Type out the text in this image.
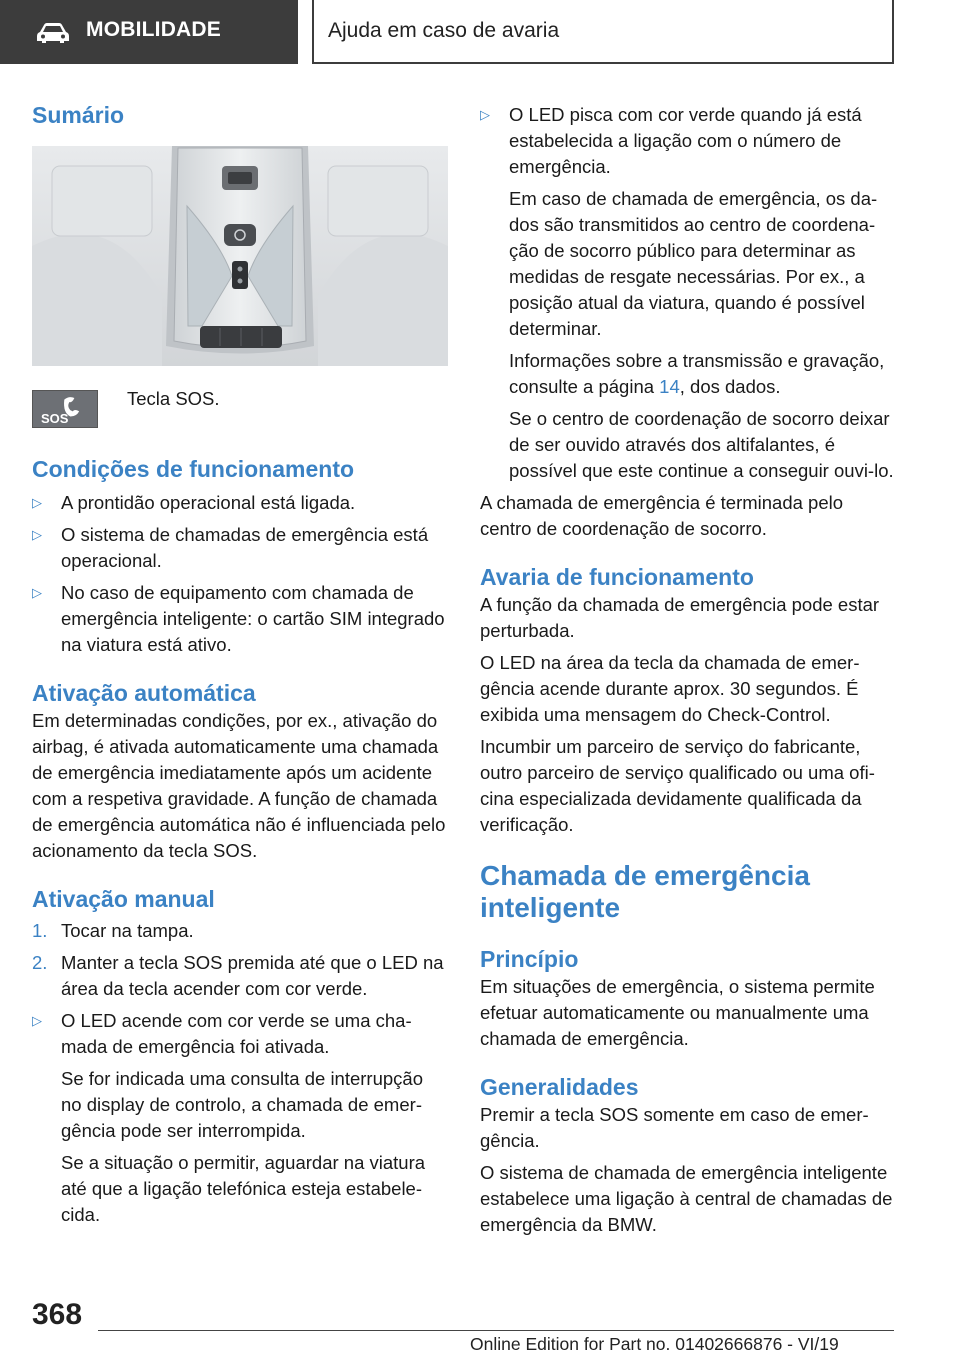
MOBILIDADE	Ajuda em caso de avaria
Sumário
SOS
Tecla SOS.
Condições de funcionamento
▷ A prontidão operacional está ligada.
▷ O sistema de chamadas de emergência está operacional.
▷ No caso de equipamento com chamada de emergência inteligente: o cartão SIM integrado na viatura está ativo.
Ativação automática

Em determinadas condições, por ex., ativação do airbag, é ativada automaticamente uma chamada de emergência imediatamente após um acidente com a respetiva gravidade. A função de chamada de emergência automática não é influenciada pelo acionamento da tecla SOS.

Ativação manual
1. Tocar na tampa.
2. Manter a tecla SOS premida até que o LED na área da tecla acender com cor verde.
▷ O LED acende com cor verde se uma chamada de emergência foi ativada.

Se for indicada uma consulta de interrupção no display de controlo, a chamada de emergência pode ser interrompida.

Se a situação o permitir, aguardar na viatura até que a ligação telefónica esteja estabelecida.

▷ O LED pisca com cor verde quando já está estabelecida a ligação com o número de emergência.

Em caso de chamada de emergência, os dados são transmitidos ao centro de coordenação de socorro público para determinar as medidas de resgate necessárias. Por ex., a posição atual da viatura, quando é possível determinar.

Informações sobre a transmissão e gravação, consulte a página 14, dos dados.

Se o centro de coordenação de socorro deixar de ser ouvido através dos altifalantes, é possível que este continue a conseguir ouvi-lo.

A chamada de emergência é terminada pelo centro de coordenação de socorro.

Avaria de funcionamento

A função da chamada de emergência pode estar perturbada.

O LED na área da tecla da chamada de emergência acende durante aprox. 30 segundos. É exibida uma mensagem do Check-Control.

Incumbir um parceiro de serviço do fabricante, outro parceiro de serviço qualificado ou uma oficina especializada devidamente qualificada da verificação.

Chamada de emergência
inteligente
Princípio

Em situações de emergência, o sistema permite efetuar automaticamente ou manualmente uma chamada de emergência.

Generalidades

Premir a tecla SOS somente em caso de emergência.

O sistema de chamada de emergência inteligente estabelece uma ligação à central de chamadas de emergência da BMW.

368
Online Edition for Part no. 01402666876 - VI/19
